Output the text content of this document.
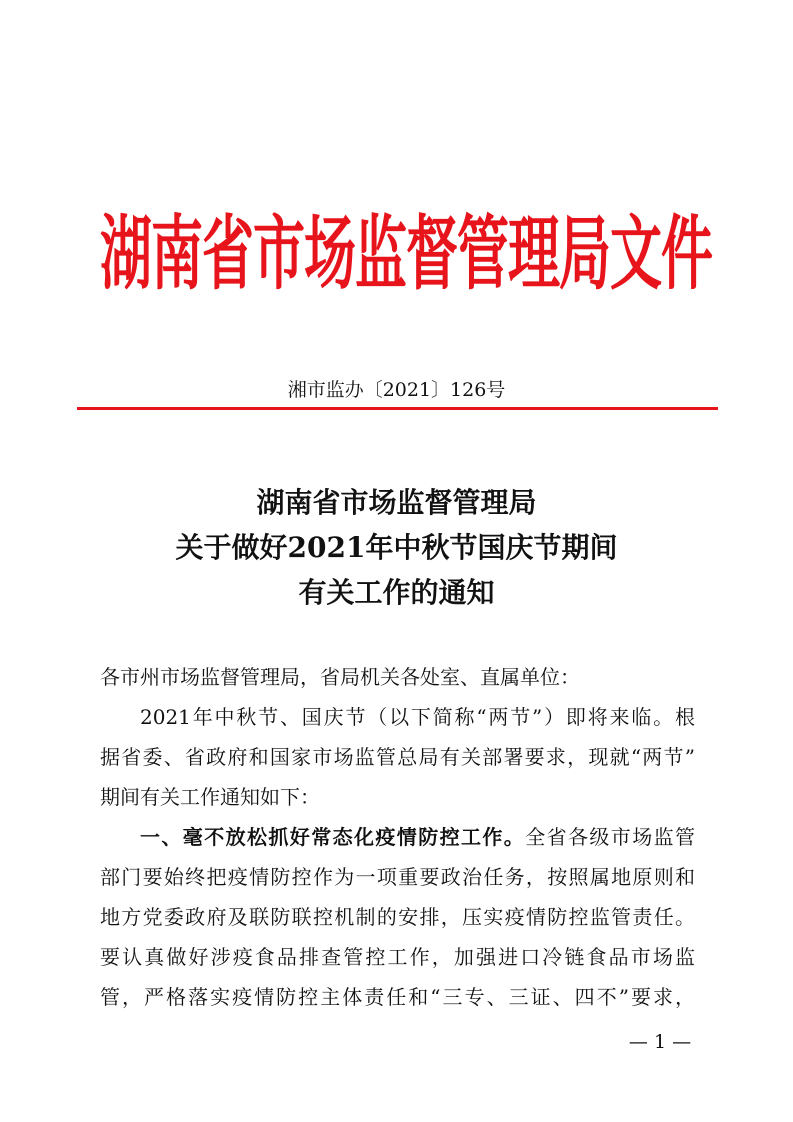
湖南省市场监督管理局文件
湘市监办〔2021〕126号
湖南省市场监督管理局
关于做好2021年中秋节国庆节期间
有关工作的通知
各市州市场监督管理局，省局机关各处室、直属单位：
2021年中秋节、国庆节（以下简称“两节”）即将来临。根
据省委、省政府和国家市场监管总局有关部署要求，现就“两节”
期间有关工作通知如下：
一、毫不放松抓好常态化疫情防控工作。全省各级市场监管
部门要始终把疫情防控作为一项重要政治任务，按照属地原则和
地方党委政府及联防联控机制的安排，压实疫情防控监管责任。
要认真做好涉疫食品排查管控工作，加强进口冷链食品市场监
管，严格落实疫情防控主体责任和“三专、三证、四不”要求，
— 1 —
